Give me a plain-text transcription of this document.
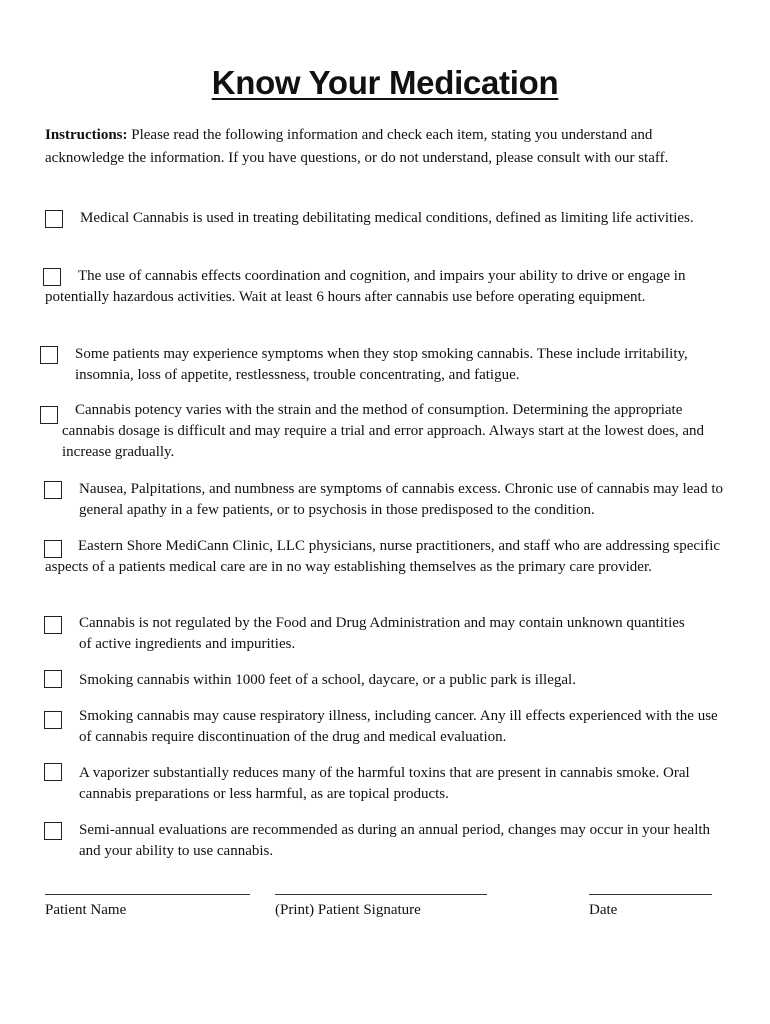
Know Your Medication
Instructions: Please read the following information and check each item, stating you understand and acknowledge the information. If you have questions, or do not understand, please consult with our staff.
Medical Cannabis is used in treating debilitating medical conditions, defined as limiting life activities.
The use of cannabis effects coordination and cognition, and impairs your ability to drive or engage in potentially hazardous activities. Wait at least 6 hours after cannabis use before operating equipment.
Some patients may experience symptoms when they stop smoking cannabis. These include irritability, insomnia, loss of appetite, restlessness, trouble concentrating, and fatigue.
Cannabis potency varies with the strain and the method of consumption. Determining the appropriate cannabis dosage is difficult and may require a trial and error approach. Always start at the lowest does, and increase gradually.
Nausea, Palpitations, and numbness are symptoms of cannabis excess. Chronic use of cannabis may lead to general apathy in a few patients, or to psychosis in those predisposed to the condition.
Eastern Shore MediCann Clinic, LLC physicians, nurse practitioners, and staff who are addressing specific aspects of a patients medical care are in no way establishing themselves as the primary care provider.
Cannabis is not regulated by the Food and Drug Administration and may contain unknown quantities of active ingredients and impurities.
Smoking cannabis within 1000 feet of a school, daycare, or a public park is illegal.
Smoking cannabis may cause respiratory illness, including cancer. Any ill effects experienced with the use of cannabis require discontinuation of the drug and medical evaluation.
A vaporizer substantially reduces many of the harmful toxins that are present in cannabis smoke. Oral cannabis preparations or less harmful, as are topical products.
Semi-annual evaluations are recommended as during an annual period, changes may occur in your health and your ability to use cannabis.
Patient Name	(Print) Patient Signature	Date
